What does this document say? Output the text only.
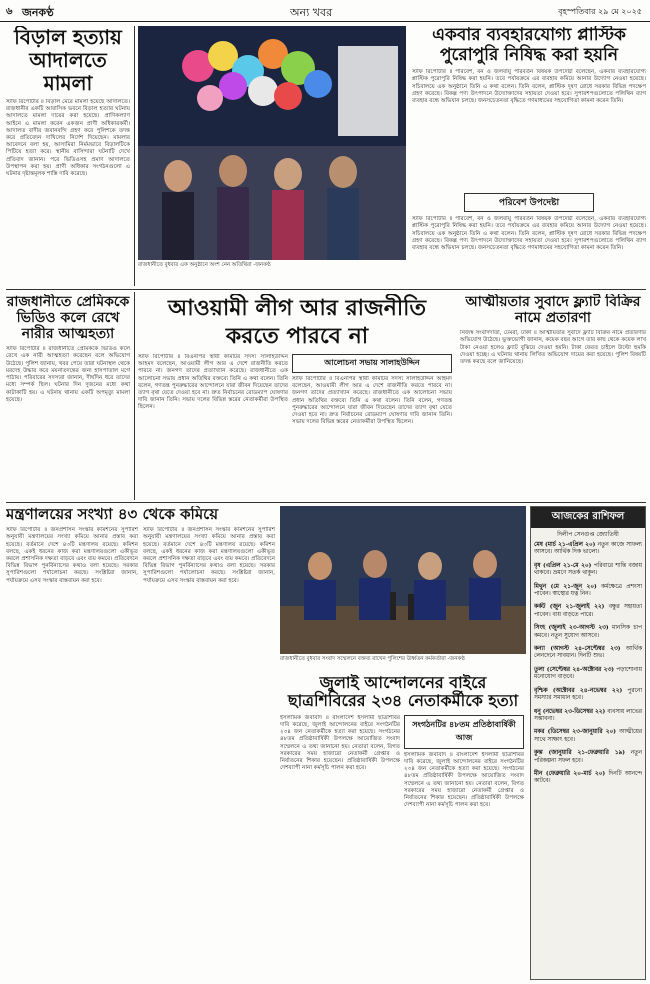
৬ জনকণ্ঠ	অন্য খবর	বৃহস্পতিবার ২৯ মে ২০২৫
বিড়াল হত্যায় আদালতে মামলা
স্টাফ রিপোর্টার ॥ বিড়াল মেরে মামলা হয়েছে আদালতে। রাজধানীর একটি আবাসিক ভবনে বিড়াল হত্যার ঘটনায় আদালতে মামলা দায়ের করা হয়েছে। প্রাণিকল্যাণ আইনে এ মামলা করেন একজন প্রাণী অধিকারকর্মী। আদালত বাদীর জবানবন্দি গ্রহণ করে পুলিশকে তদন্ত করে প্রতিবেদন দাখিলের নির্দেশ দিয়েছেন। মামলার আবেদনে বলা হয়, আসামিরা নির্মমভাবে বিড়ালটিকে পিটিয়ে হত্যা করে। স্থানীয় বাসিন্দারা ঘটনাটি দেখে প্রতিবাদ জানান। পরে ভিডিওসহ প্রমাণ আদালতে উপস্থাপন করা হয়। প্রাণী অধিকার সংগঠনগুলো এ ঘটনার দৃষ্টান্তমূলক শাস্তি দাবি করেছে।
রাজধানীতে বুধবার এক অনুষ্ঠানে অংশ নেন অতিথিরা -জনকণ্ঠ
একবার ব্যবহারযোগ্য প্লাস্টিক পুরোপুরি নিষিদ্ধ করা হয়নি
স্টাফ রিপোর্টার ॥ পরিবেশ, বন ও জলবায়ু পরিবর্তন বিষয়ক উপদেষ্টা বলেছেন, একবার ব্যবহারযোগ্য প্লাস্টিক পুরোপুরি নিষিদ্ধ করা হয়নি। তবে পর্যায়ক্রমে এর ব্যবহার কমিয়ে আনার উদ্যোগ নেওয়া হয়েছে। সচিবালয়ে এক অনুষ্ঠানে তিনি এ কথা বলেন। তিনি বলেন, প্লাস্টিক দূষণ রোধে সরকার বিভিন্ন পদক্ষেপ গ্রহণ করেছে। বিকল্প পণ্য উৎপাদনে উদ্যোক্তাদের সহায়তা দেওয়া হবে। সুপারশপগুলোতে পলিথিন ব্যাগ ব্যবহার বন্ধে অভিযান চলছে। জনসচেতনতা বৃদ্ধিতে গণমাধ্যমের সহযোগিতা কামনা করেন তিনি।
পরিবেশ উপদেষ্টা
স্টাফ রিপোর্টার ॥ পরিবেশ, বন ও জলবায়ু পরিবর্তন বিষয়ক উপদেষ্টা বলেছেন, একবার ব্যবহারযোগ্য প্লাস্টিক পুরোপুরি নিষিদ্ধ করা হয়নি। তবে পর্যায়ক্রমে এর ব্যবহার কমিয়ে আনার উদ্যোগ নেওয়া হয়েছে। সচিবালয়ে এক অনুষ্ঠানে তিনি এ কথা বলেন। তিনি বলেন, প্লাস্টিক দূষণ রোধে সরকার বিভিন্ন পদক্ষেপ গ্রহণ করেছে। বিকল্প পণ্য উৎপাদনে উদ্যোক্তাদের সহায়তা দেওয়া হবে। সুপারশপগুলোতে পলিথিন ব্যাগ ব্যবহার বন্ধে অভিযান চলছে। জনসচেতনতা বৃদ্ধিতে গণমাধ্যমের সহযোগিতা কামনা করেন তিনি।
রাজধানীতে প্রেমিককে ভিডিও কলে রেখে নারীর আত্মহত্যা
স্টাফ রিপোর্টার ॥ রাজধানীতে প্রেমিককে ভিডিও কলে রেখে এক নারী আত্মহত্যা করেছেন বলে অভিযোগ উঠেছে। পুলিশ জানায়, খবর পেয়ে তারা ঘটনাস্থল থেকে মরদেহ উদ্ধার করে ময়নাতদন্তের জন্য হাসপাতাল মর্গে পাঠায়। পরিবারের সদস্যরা জানান, দীর্ঘদিন ধরে তাদের মধ্যে সম্পর্ক ছিল। ঘটনার দিন দুজনের মধ্যে কথা কাটাকাটি হয়। এ ঘটনায় থানায় একটি অপমৃত্যু মামলা হয়েছে।
আওয়ামী লীগ আর রাজনীতি করতে পারবে না
স্টাফ রিপোর্টার ॥ বিএনপির স্থায়ী কমিটির সদস্য সালাহউদ্দিন আহমদ বলেছেন, আওয়ামী লীগ আর এ দেশে রাজনীতি করতে পারবে না। জনগণ তাদের প্রত্যাখ্যান করেছে। রাজধানীতে এক আলোচনা সভায় প্রধান অতিথির বক্তব্যে তিনি এ কথা বলেন। তিনি বলেন, গণতন্ত্র পুনরুদ্ধারের আন্দোলনে যারা জীবন দিয়েছেন তাদের ত্যাগ বৃথা যেতে দেওয়া হবে না। দ্রুত নির্বাচনের রোডম্যাপ ঘোষণার দাবি জানান তিনি। সভায় দলের বিভিন্ন স্তরের নেতাকর্মীরা উপস্থিত ছিলেন।
আলোচনা সভায় সালাহউদ্দিন
স্টাফ রিপোর্টার ॥ বিএনপির স্থায়ী কমিটির সদস্য সালাহউদ্দিন আহমদ বলেছেন, আওয়ামী লীগ আর এ দেশে রাজনীতি করতে পারবে না। জনগণ তাদের প্রত্যাখ্যান করেছে। রাজধানীতে এক আলোচনা সভায় প্রধান অতিথির বক্তব্যে তিনি এ কথা বলেন। তিনি বলেন, গণতন্ত্র পুনরুদ্ধারের আন্দোলনে যারা জীবন দিয়েছেন তাদের ত্যাগ বৃথা যেতে দেওয়া হবে না। দ্রুত নির্বাচনের রোডম্যাপ ঘোষণার দাবি জানান তিনি। সভায় দলের বিভিন্ন স্তরের নেতাকর্মীরা উপস্থিত ছিলেন।
আত্মীয়তার সুবাদে ফ্ল্যাট বিক্রির নামে প্রতারণা
নিজস্ব সংবাদদাতা, ঢেমরা, ঢাকা ॥ আত্মীয়তার সুবাদে ফ্ল্যাট বিক্রির নামে প্রতারণার অভিযোগ উঠেছে। ভুক্তভোগী জানান, কয়েক বছর আগে তার কাছ থেকে কয়েক লাখ টাকা নেওয়া হলেও ফ্ল্যাট বুঝিয়ে দেওয়া হয়নি। টাকা ফেরত চাইলে উল্টো হুমকি দেওয়া হচ্ছে। এ ঘটনায় থানায় লিখিত অভিযোগ দায়ের করা হয়েছে। পুলিশ বিষয়টি তদন্ত করছে বলে জানিয়েছে।
মন্ত্রণালয়ের সংখ্যা ৪৩ থেকে কমিয়ে
স্টাফ রিপোর্টার ॥ জনপ্রশাসন সংস্কার কমিশনের সুপারিশ অনুযায়ী মন্ত্রণালয়ের সংখ্যা কমিয়ে আনার প্রস্তাব করা হয়েছে। বর্তমানে দেশে ৪৩টি মন্ত্রণালয় রয়েছে। কমিশন বলছে, একই ধরনের কাজ করা মন্ত্রণালয়গুলো একীভূত করলে প্রশাসনিক দক্ষতা বাড়বে এবং ব্যয় কমবে। প্রতিবেদনে বিভিন্ন বিভাগ পুনর্বিন্যাসের কথাও বলা হয়েছে। সরকার সুপারিশগুলো পর্যালোচনা করছে। সংশ্লিষ্টরা জানান, পর্যায়ক্রমে এসব সংস্কার বাস্তবায়ন করা হবে।
স্টাফ রিপোর্টার ॥ জনপ্রশাসন সংস্কার কমিশনের সুপারিশ অনুযায়ী মন্ত্রণালয়ের সংখ্যা কমিয়ে আনার প্রস্তাব করা হয়েছে। বর্তমানে দেশে ৪৩টি মন্ত্রণালয় রয়েছে। কমিশন বলছে, একই ধরনের কাজ করা মন্ত্রণালয়গুলো একীভূত করলে প্রশাসনিক দক্ষতা বাড়বে এবং ব্যয় কমবে। প্রতিবেদনে বিভিন্ন বিভাগ পুনর্বিন্যাসের কথাও বলা হয়েছে। সরকার সুপারিশগুলো পর্যালোচনা করছে। সংশ্লিষ্টরা জানান, পর্যায়ক্রমে এসব সংস্কার বাস্তবায়ন করা হবে।
রাজধানীতে বুধবার সংবাদ সম্মেলনে বক্তব্য রাখেন পুলিশের ঊর্ধ্বতন কর্মকর্তারা -জনকণ্ঠ
জুলাই আন্দোলনের বাইরে ছাত্রশিবিরের ২৩৪ নেতাকর্মীকে হত্যা
ইসলামিক জবাবদি ॥ বাংলাদেশ ইসলামী ছাত্রশিবির দাবি করেছে, জুলাই আন্দোলনের বাইরে সংগঠনটির ২৩৪ জন নেতাকর্মীকে হত্যা করা হয়েছে। সংগঠনের ৪৮তম প্রতিষ্ঠাবার্ষিকী উপলক্ষে আয়োজিত সংবাদ সম্মেলনে এ তথ্য জানানো হয়। নেতারা বলেন, বিগত সরকারের সময় হাজারো নেতাকর্মী গ্রেপ্তার ও নির্যাতনের শিকার হয়েছেন। প্রতিষ্ঠাবার্ষিকী উপলক্ষে দেশব্যাপী নানা কর্মসূচি পালন করা হবে।
সংগঠনটির ৪৮তম প্রতিষ্ঠাবার্ষিকী আজ
ইসলামিক জবাবদি ॥ বাংলাদেশ ইসলামী ছাত্রশিবির দাবি করেছে, জুলাই আন্দোলনের বাইরে সংগঠনটির ২৩৪ জন নেতাকর্মীকে হত্যা করা হয়েছে। সংগঠনের ৪৮তম প্রতিষ্ঠাবার্ষিকী উপলক্ষে আয়োজিত সংবাদ সম্মেলনে এ তথ্য জানানো হয়। নেতারা বলেন, বিগত সরকারের সময় হাজারো নেতাকর্মী গ্রেপ্তার ও নির্যাতনের শিকার হয়েছেন। প্রতিষ্ঠাবার্ষিকী উপলক্ষে দেশব্যাপী নানা কর্মসূচি পালন করা হবে।
আজকের রাশিফল
দিলীপ সেনগুপ্ত জ্যোতিষী
মেষ (মার্চ ২১-এপ্রিল ২০) নতুন কাজে সাফল্য আসবে। আর্থিক দিক ভালো।
বৃষ (এপ্রিল ২১-মে ২০) পরিবারে শান্তি বজায় থাকবে। ভ্রমণে সতর্ক থাকুন।
মিথুন (মে ২১-জুন ২০) কর্মক্ষেত্রে প্রশংসা পাবেন। স্বাস্থ্যের যত্ন নিন।
কর্কট (জুন ২১-জুলাই ২২) বন্ধুর সহায়তা পাবেন। ব্যয় বাড়তে পারে।
সিংহ (জুলাই ২৩-আগস্ট ২৩) মানসিক চাপ কমবে। নতুন সুযোগ আসবে।
কন্যা (আগস্ট ২৪-সেপ্টেম্বর ২৩) আর্থিক লেনদেনে সাবধান। দিনটি শুভ।
তুলা (সেপ্টেম্বর ২৪-অক্টোবর ২৩) পড়াশোনায় মনোযোগ বাড়বে।
বৃশ্চিক (অক্টোবর ২৪-নভেম্বর ২২) পুরনো সমস্যার সমাধান হবে।
ধনু (নভেম্বর ২৩-ডিসেম্বর ২২) ব্যবসায় লাভের সম্ভাবনা।
মকর (ডিসেম্বর ২৩-জানুয়ারি ২০) আত্মীয়ের সাথে সাক্ষাৎ হবে।
কুম্ভ (জানুয়ারি ২১-ফেব্রুয়ারি ১৯) নতুন পরিকল্পনা সফল হবে।
মীন (ফেব্রুয়ারি ২০-মার্চ ২০) দিনটি আনন্দে কাটবে।
